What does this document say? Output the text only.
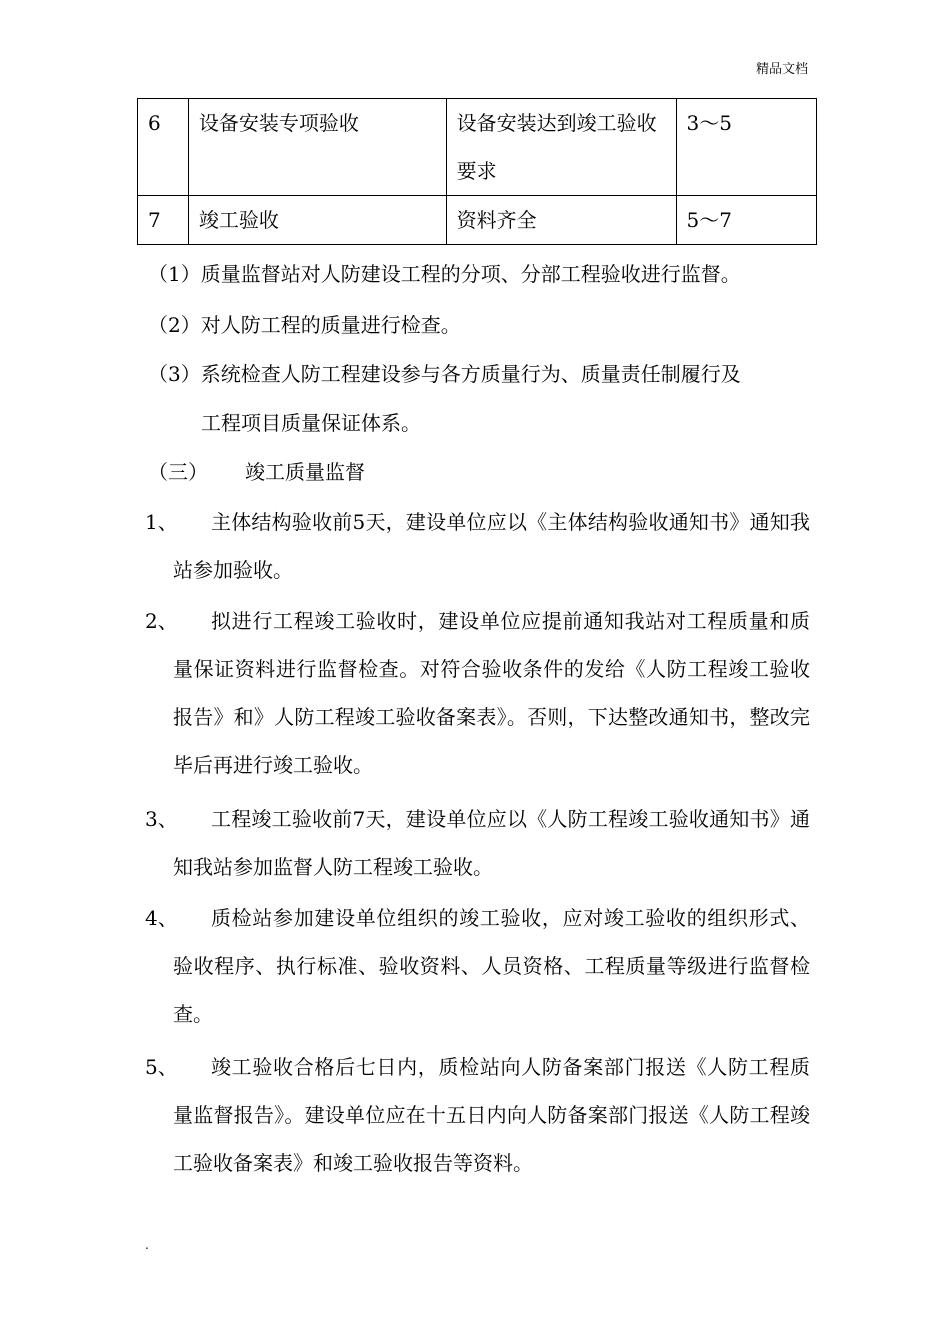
精品文档
6	设备安装专项验收	设备安装达到竣工验收要求	3～5
7	竣工验收	资料齐全	5～7
（1）质量监督站对人防建设工程的分项、分部工程验收进行监督。
（2）对人防工程的质量进行检查。
（3）系统检查人防工程建设参与各方质量行为、质量责任制履行及
工程项目质量保证体系。
（三） 竣工质量监督
1、	主体结构验收前5天，建设单位应以《主体结构验收通知书》通知我站参加验收。
2、	拟进行工程竣工验收时，建设单位应提前通知我站对工程质量和质量保证资料进行监督检查。对符合验收条件的发给《人防工程竣工验收报告》和》人防工程竣工验收备案表》。否则，下达整改通知书，整改完毕后再进行竣工验收。
3、	工程竣工验收前7天，建设单位应以《人防工程竣工验收通知书》通知我站参加监督人防工程竣工验收。
4、	质检站参加建设单位组织的竣工验收，应对竣工验收的组织形式、验收程序、执行标准、验收资料、人员资格、工程质量等级进行监督检查。
5、	竣工验收合格后七日内，质检站向人防备案部门报送《人防工程质量监督报告》。建设单位应在十五日内向人防备案部门报送《人防工程竣工验收备案表》和竣工验收报告等资料。
.
